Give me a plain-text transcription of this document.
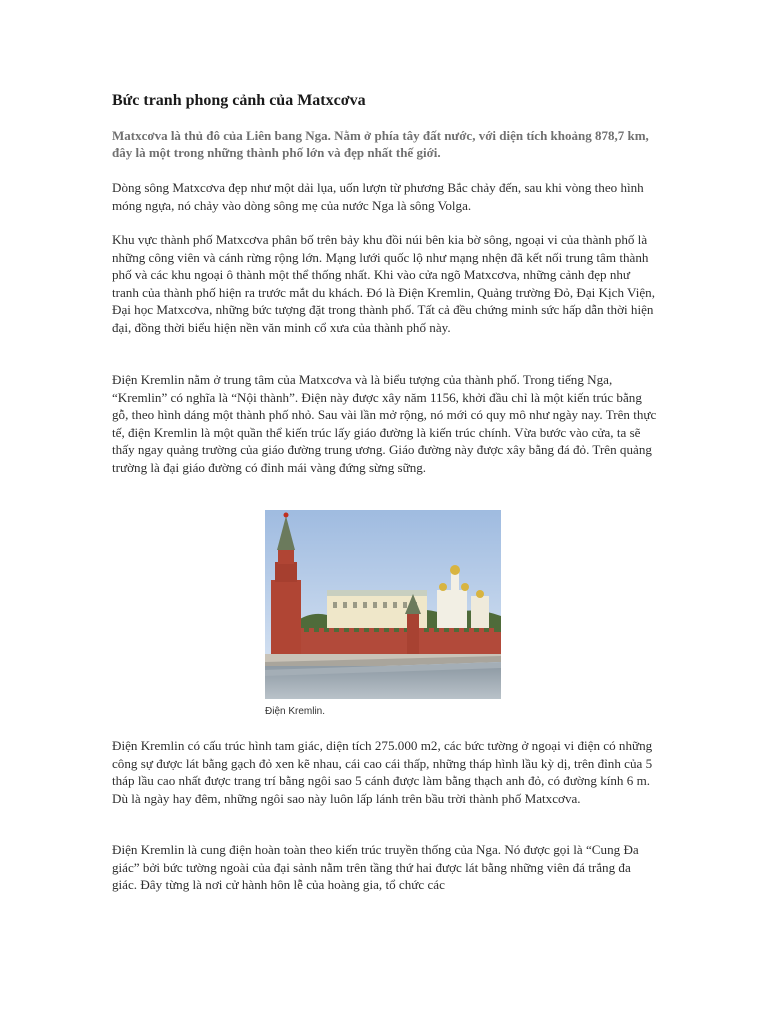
Bức tranh phong cảnh của Matxcơva

Matxcơva là thủ đô của Liên bang Nga. Nằm ở phía tây đất nước, với diện tích khoảng 878,7 km, đây là một trong những thành phố lớn và đẹp nhất thế giới.

Dòng sông Matxcơva đẹp như một dải lụa, uốn lượn từ phương Bắc chảy đến, sau khi vòng theo hình móng ngựa, nó chảy vào dòng sông mẹ của nước Nga là sông Volga.

Khu vực thành phố Matxcơva phân bố trên bảy khu đồi núi bên kia bờ sông, ngoại vi của thành phố là những công viên và cánh rừng rộng lớn. Mạng lưới quốc lộ như mạng nhện đã kết nối trung tâm thành phố và các khu ngoại ô thành một thể thống nhất. Khi vào cửa ngõ Matxcơva, những cảnh đẹp như tranh của thành phố hiện ra trước mắt du khách. Đó là Điện Kremlin, Quảng trường Đỏ, Đại Kịch Viện, Đại học Matxcơva, những bức tượng đặt trong thành phố. Tất cả đều chứng minh sức hấp dẫn thời hiện đại, đồng thời biểu hiện nền văn minh cổ xưa của thành phố này.

Điện Kremlin nằm ở trung tâm của Matxcơva và là biểu tượng của thành phố. Trong tiếng Nga, “Kremlin” có nghĩa là “Nội thành”. Điện này được xây năm 1156, khởi đầu chỉ là một kiến trúc bằng gỗ, theo hình dáng một thành phố nhỏ. Sau vài lần mở rộng, nó mới có quy mô như ngày nay. Trên thực tế, điện Kremlin là một quần thể kiến trúc lấy giáo đường là kiến trúc chính. Vừa bước vào cửa, ta sẽ thấy ngay quảng trường của giáo đường trung ương. Giáo đường này được xây bằng đá đỏ. Trên quảng trường là đại giáo đường có đỉnh mái vàng đứng sừng sững.

Điện Kremlin.

Điện Kremlin có cấu trúc hình tam giác, diện tích 275.000 m2, các bức tường ở ngoại vi điện có những công sự được lát bằng gạch đỏ xen kẽ nhau, cái cao cái thấp, những tháp hình lầu kỳ dị, trên đỉnh của 5 tháp lầu cao nhất được trang trí bằng ngôi sao 5 cánh được làm bằng thạch anh đỏ, có đường kính 6 m. Dù là ngày hay đêm, những ngôi sao này luôn lấp lánh trên bầu trời thành phố Matxcơva.

Điện Kremlin là cung điện hoàn toàn theo kiến trúc truyền thống của Nga. Nó được gọi là “Cung Đa giác” bởi bức tường ngoài của đại sảnh nằm trên tầng thứ hai được lát bằng những viên đá trắng đa giác. Đây từng là nơi cử hành hôn lễ của hoàng gia, tổ chức các
